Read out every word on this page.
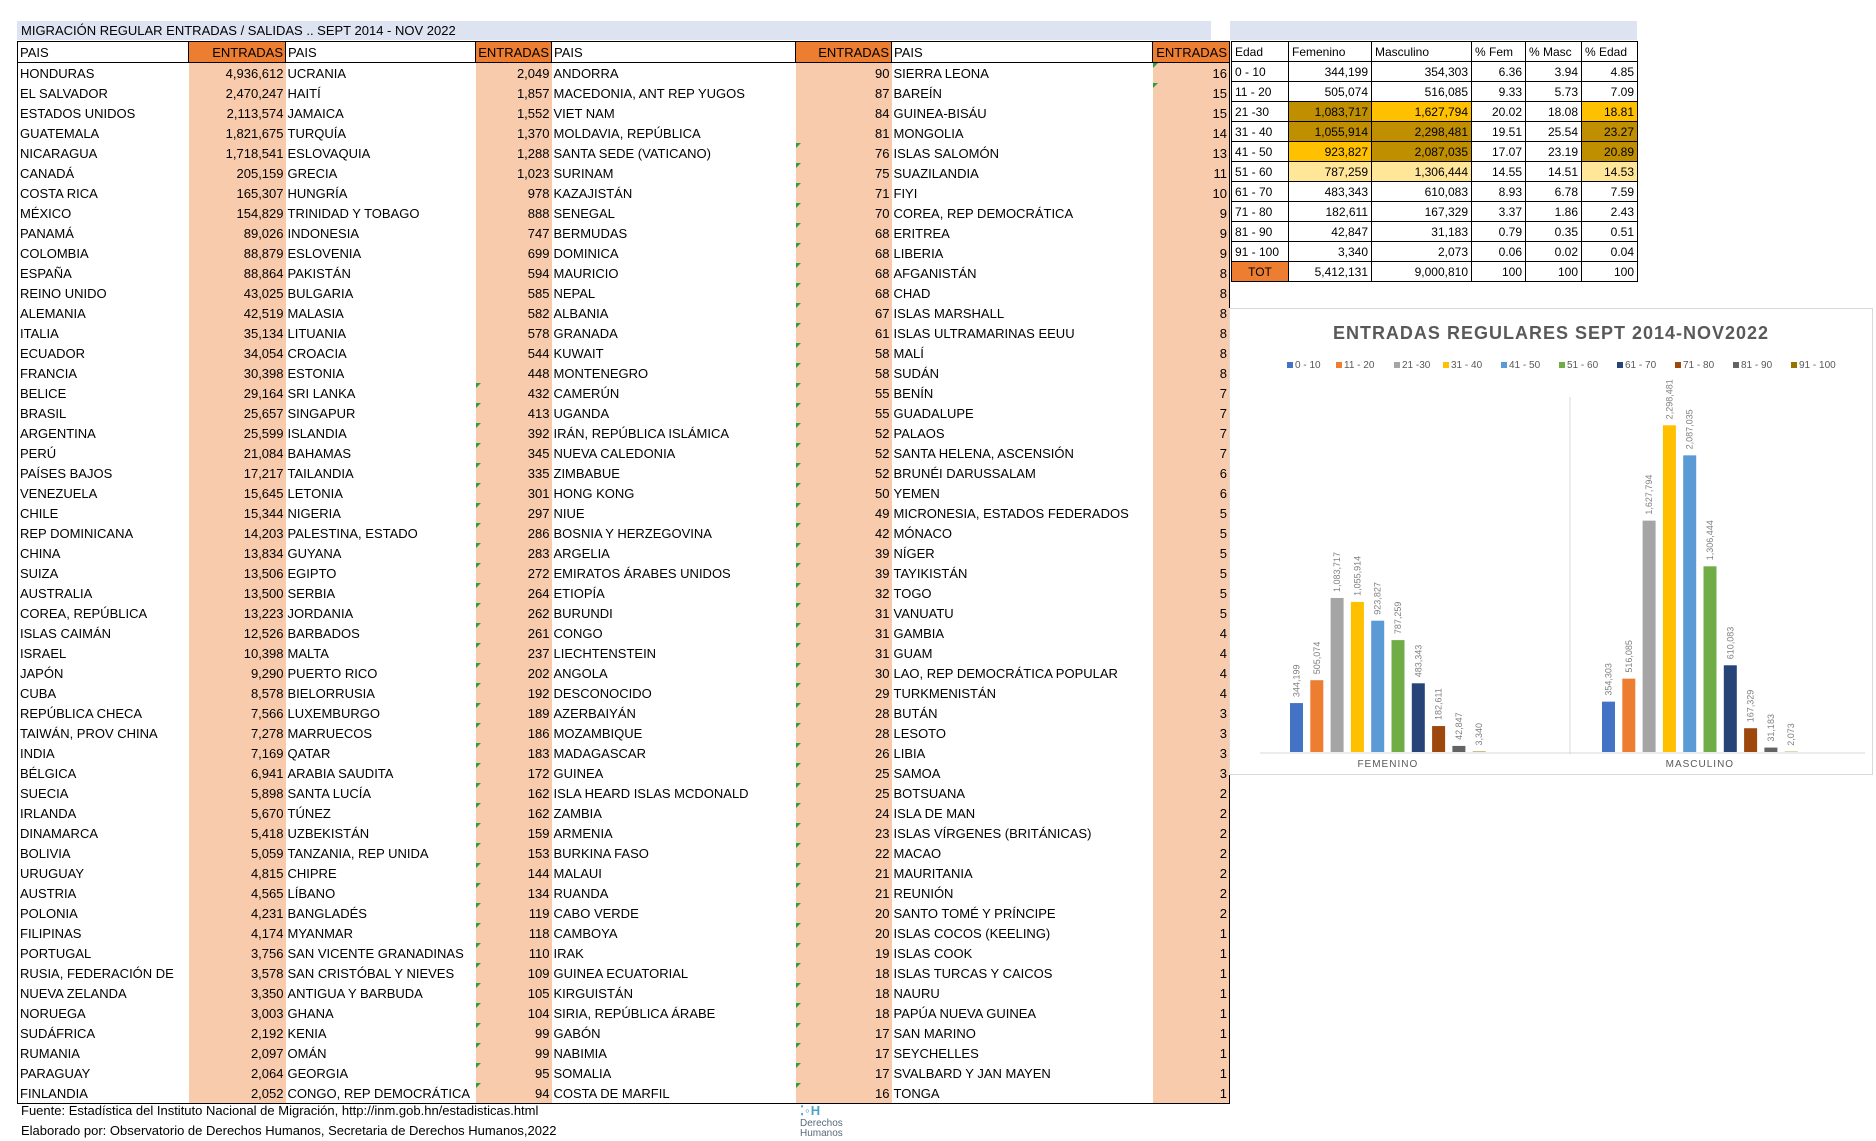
MIGRACIÓN REGULAR ENTRADAS / SALIDAS .. SEPT 2014 - NOV 2022
PAIS	ENTRADAS	PAIS	ENTRADAS	PAIS	ENTRADAS	PAIS	ENTRADAS
HONDURAS	4,936,612	UCRANIA	2,049	ANDORRA	90	SIERRA LEONA	16
EL SALVADOR	2,470,247	HAITÍ	1,857	MACEDONIA, ANT REP YUGOS	87	BAREÍN	15
ESTADOS UNIDOS	2,113,574	JAMAICA	1,552	VIET NAM	84	GUINEA-BISÁU	15
GUATEMALA	1,821,675	TURQUÍA	1,370	MOLDAVIA, REPÚBLICA	81	MONGOLIA	14
NICARAGUA	1,718,541	ESLOVAQUIA	1,288	SANTA SEDE (VATICANO)	76	ISLAS SALOMÓN	13
CANADÁ	205,159	GRECIA	1,023	SURINAM	75	SUAZILANDIA	11
COSTA RICA	165,307	HUNGRÍA	978	KAZAJISTÁN	71	FIYI	10
MÉXICO	154,829	TRINIDAD Y TOBAGO	888	SENEGAL	70	COREA, REP DEMOCRÁTICA	9
PANAMÁ	89,026	INDONESIA	747	BERMUDAS	68	ERITREA	9
COLOMBIA	88,879	ESLOVENIA	699	DOMINICA	68	LIBERIA	9
ESPAÑA	88,864	PAKISTÁN	594	MAURICIO	68	AFGANISTÁN	8
REINO UNIDO	43,025	BULGARIA	585	NEPAL	68	CHAD	8
ALEMANIA	42,519	MALASIA	582	ALBANIA	67	ISLAS MARSHALL	8
ITALIA	35,134	LITUANIA	578	GRANADA	61	ISLAS ULTRAMARINAS EEUU	8
ECUADOR	34,054	CROACIA	544	KUWAIT	58	MALÍ	8
FRANCIA	30,398	ESTONIA	448	MONTENEGRO	58	SUDÁN	8
BELICE	29,164	SRI LANKA	432	CAMERÚN	55	BENÍN	7
BRASIL	25,657	SINGAPUR	413	UGANDA	55	GUADALUPE	7
ARGENTINA	25,599	ISLANDIA	392	IRÁN, REPÚBLICA ISLÁMICA	52	PALAOS	7
PERÚ	21,084	BAHAMAS	345	NUEVA CALEDONIA	52	SANTA HELENA, ASCENSIÓN	7
PAÍSES BAJOS	17,217	TAILANDIA	335	ZIMBABUE	52	BRUNÉI DARUSSALAM	6
VENEZUELA	15,645	LETONIA	301	HONG KONG	50	YEMEN	6
CHILE	15,344	NIGERIA	297	NIUE	49	MICRONESIA, ESTADOS FEDERADOS	5
REP DOMINICANA	14,203	PALESTINA, ESTADO	286	BOSNIA Y HERZEGOVINA	42	MÓNACO	5
CHINA	13,834	GUYANA	283	ARGELIA	39	NÍGER	5
SUIZA	13,506	EGIPTO	272	EMIRATOS ÁRABES UNIDOS	39	TAYIKISTÁN	5
AUSTRALIA	13,500	SERBIA	264	ETIOPÍA	32	TOGO	5
COREA, REPÚBLICA	13,223	JORDANIA	262	BURUNDI	31	VANUATU	5
ISLAS CAIMÁN	12,526	BARBADOS	261	CONGO	31	GAMBIA	4
ISRAEL	10,398	MALTA	237	LIECHTENSTEIN	31	GUAM	4
JAPÓN	9,290	PUERTO RICO	202	ANGOLA	30	LAO, REP DEMOCRÁTICA POPULAR	4
CUBA	8,578	BIELORRUSIA	192	DESCONOCIDO	29	TURKMENISTÁN	4
REPÚBLICA CHECA	7,566	LUXEMBURGO	189	AZERBAIYÁN	28	BUTÁN	3
TAIWÁN, PROV CHINA	7,278	MARRUECOS	186	MOZAMBIQUE	28	LESOTO	3
INDIA	7,169	QATAR	183	MADAGASCAR	26	LIBIA	3
BÉLGICA	6,941	ARABIA SAUDITA	172	GUINEA	25	SAMOA	3
SUECIA	5,898	SANTA LUCÍA	162	ISLA HEARD ISLAS MCDONALD	25	BOTSUANA	2
IRLANDA	5,670	TÚNEZ	162	ZAMBIA	24	ISLA DE MAN	2
DINAMARCA	5,418	UZBEKISTÁN	159	ARMENIA	23	ISLAS VÍRGENES (BRITÁNICAS)	2
BOLIVIA	5,059	TANZANIA, REP UNIDA	153	BURKINA FASO	22	MACAO	2
URUGUAY	4,815	CHIPRE	144	MALAUI	21	MAURITANIA	2
AUSTRIA	4,565	LÍBANO	134	RUANDA	21	REUNIÓN	2
POLONIA	4,231	BANGLADÉS	119	CABO VERDE	20	SANTO TOMÉ Y PRÍNCIPE	2
FILIPINAS	4,174	MYANMAR	118	CAMBOYA	20	ISLAS COCOS (KEELING)	1
PORTUGAL	3,756	SAN VICENTE GRANADINAS	110	IRAK	19	ISLAS COOK	1
RUSIA, FEDERACIÓN DE	3,578	SAN CRISTÓBAL Y NIEVES	109	GUINEA ECUATORIAL	18	ISLAS TURCAS Y CAICOS	1
NUEVA ZELANDA	3,350	ANTIGUA Y BARBUDA	105	KIRGUISTÁN	18	NAURU	1
NORUEGA	3,003	GHANA	104	SIRIA, REPÚBLICA ÁRABE	18	PAPÚA NUEVA GUINEA	1
SUDÁFRICA	2,192	KENIA	99	GABÓN	17	SAN MARINO	1
RUMANIA	2,097	OMÁN	99	NABIMIA	17	SEYCHELLES	1
PARAGUAY	2,064	GEORGIA	95	SOMALIA	17	SVALBARD Y JAN MAYEN	1
FINLANDIA	2,052	CONGO, REP DEMOCRÁTICA	94	COSTA DE MARFIL	16	TONGA	1
Fuente: Estadística del Instituto Nacional de Migración, http://inm.gob.hn/estadisticas.html
Elaborado por: Observatorio de Derechos Humanos, Secretaria de Derechos Humanos,2022
⁚◦H
Derechos
Humanos
Edad	Femenino	Masculino	% Fem	% Masc	% Edad
0 - 10	344,199	354,303	6.36	3.94	4.85
11 - 20	505,074	516,085	9.33	5.73	7.09
21 -30	1,083,717	1,627,794	20.02	18.08	18.81
31 - 40	1,055,914	2,298,481	19.51	25.54	23.27
41 - 50	923,827	2,087,035	17.07	23.19	20.89
51 - 60	787,259	1,306,444	14.55	14.51	14.53
61 - 70	483,343	610,083	8.93	6.78	7.59
71 - 80	182,611	167,329	3.37	1.86	2.43
81 - 90	42,847	31,183	0.79	0.35	0.51
91 - 100	3,340	2,073	0.06	0.02	0.04
TOT	5,412,131	9,000,810	100	100	100
ENTRADAS REGULARES SEPT 2014-NOV2022
0 - 10 11 - 20	21 -30 31 - 40	41 - 50	51 - 60	61 - 70	71 - 80	81 - 90	91 - 100
344,199
505,074
1,083,717 1,055,914
923,827
787,259
483,343
182,611
42,847 3,340
FEMENINO
354,303
516,085
1,627,794
2,298,481
2,087,035
1,306,444
610,083
167,329
31,183 2,073
MASCULINO
